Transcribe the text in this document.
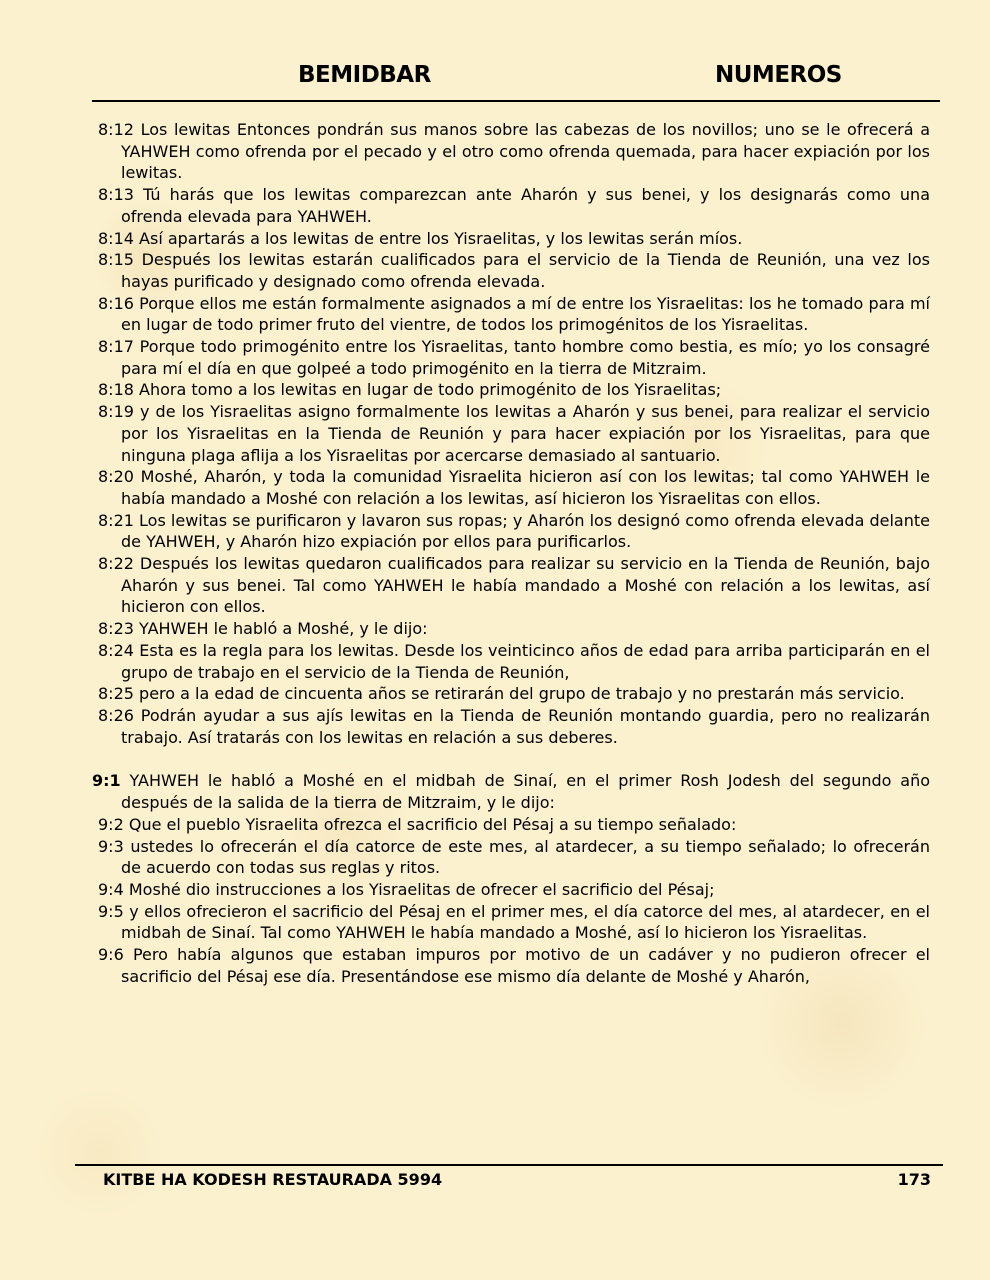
BEMIDBAR	NUMEROS

8:12 Los lewitas Entonces pondrán sus manos sobre las cabezas de los novillos; uno se le ofrecerá a YAHWEH como ofrenda por el pecado y el otro como ofrenda quemada, para hacer expiación por los lewitas.

8:13 Tú harás que los lewitas comparezcan ante Aharón y sus benei, y los designarás como una ofrenda elevada para YAHWEH.

8:14 Así apartarás a los lewitas de entre los Yisraelitas, y los lewitas serán míos.

8:15 Después los lewitas estarán cualificados para el servicio de la Tienda de Reunión, una vez los hayas purificado y designado como ofrenda elevada.

8:16 Porque ellos me están formalmente asignados a mí de entre los Yisraelitas: los he tomado para mí en lugar de todo primer fruto del vientre, de todos los primogénitos de los Yisraelitas.

8:17 Porque todo primogénito entre los Yisraelitas, tanto hombre como bestia, es mío; yo los consagré para mí el día en que golpeé a todo primogénito en la tierra de Mitzraim.

8:18 Ahora tomo a los lewitas en lugar de todo primogénito de los Yisraelitas;

8:19 y de los Yisraelitas asigno formalmente los lewitas a Aharón y sus benei, para realizar el servicio por los Yisraelitas en la Tienda de Reunión y para hacer expiación por los Yisraelitas, para que ninguna plaga aflija a los Yisraelitas por acercarse demasiado al santuario.

8:20 Moshé, Aharón, y toda la comunidad Yisraelita hicieron así con los lewitas; tal como YAHWEH le había mandado a Moshé con relación a los lewitas, así hicieron los Yisraelitas con ellos.

8:21 Los lewitas se purificaron y lavaron sus ropas; y Aharón los designó como ofrenda elevada delante de YAHWEH, y Aharón hizo expiación por ellos para purificarlos.

8:22 Después los lewitas quedaron cualificados para realizar su servicio en la Tienda de Reunión, bajo Aharón y sus benei. Tal como YAHWEH le había mandado a Moshé con relación a los lewitas, así hicieron con ellos.

8:23 YAHWEH le habló a Moshé, y le dijo:

8:24 Esta es la regla para los lewitas. Desde los veinticinco años de edad para arriba participarán en el grupo de trabajo en el servicio de la Tienda de Reunión,

8:25 pero a la edad de cincuenta años se retirarán del grupo de trabajo y no prestarán más servicio.

8:26 Podrán ayudar a sus ajís lewitas en la Tienda de Reunión montando guardia, pero no realizarán trabajo. Así tratarás con los lewitas en relación a sus deberes.

9:1 YAHWEH le habló a Moshé en el midbah de Sinaí, en el primer Rosh Jodesh del segundo año después de la salida de la tierra de Mitzraim, y le dijo:

9:2 Que el pueblo Yisraelita ofrezca el sacrificio del Pésaj a su tiempo señalado:

9:3 ustedes lo ofrecerán el día catorce de este mes, al atardecer, a su tiempo señalado; lo ofrecerán de acuerdo con todas sus reglas y ritos.

9:4 Moshé dio instrucciones a los Yisraelitas de ofrecer el sacrificio del Pésaj;

9:5 y ellos ofrecieron el sacrificio del Pésaj en el primer mes, el día catorce del mes, al atardecer, en el midbah de Sinaí. Tal como YAHWEH le había mandado a Moshé, así lo hicieron los Yisraelitas.

9:6 Pero había algunos que estaban impuros por motivo de un cadáver y no pudieron ofrecer el sacrificio del Pésaj ese día. Presentándose ese mismo día delante de Moshé y Aharón,

KITBE HA KODESH RESTAURADA 5994	173
